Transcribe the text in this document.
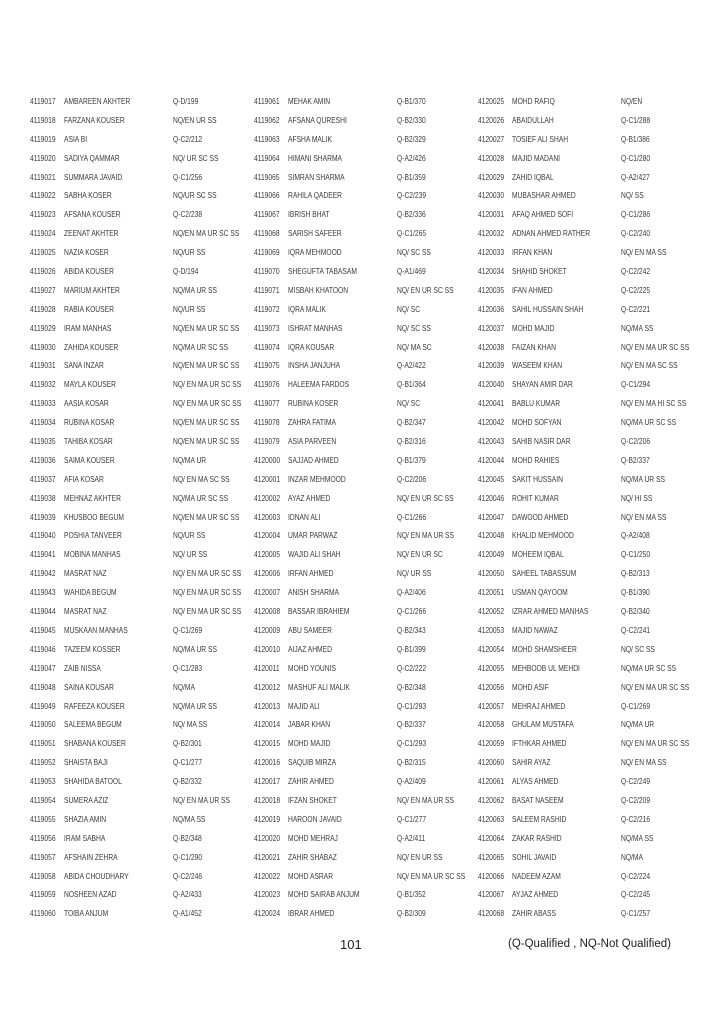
4119017 AMBAREEN AKHTER	Q-D/199
4119018 FARZANA KOUSER	NQ/EN UR SS
4119019 ASIA BI	Q-C2/212
4119020 SADIYA QAMMAR	NQ/ UR SC SS
4119021 SUMMARA JAVAID	Q-C1/256
4119022 SABHA KOSER	NQ/UR SC SS
4119023 AFSANA KOUSER	Q-C2/238
4119024 ZEENAT AKHTER	NQ/EN MA UR SC SS
4119025 NAZIA KOSER	NQ/UR SS
4119026 ABIDA KOUSER	Q-D/194
4119027 MARIUM AKHTER	NQ/MA UR SS
4119028 RABIA KOUSER	NQ/UR SS
4119029 IRAM MANHAS	NQ/EN MA UR SC SS
4119030 ZAHIDA KOUSER	NQ/MA UR SC SS
4119031 SANA INZAR	NQ/EN MA UR SC SS
4119032 MAYLA KOUSER	NQ/ EN MA UR SC SS
4119033 AASIA KOSAR	NQ/ EN MA UR SC SS
4119034 RUBINA KOSAR	NQ/EN MA UR SC SS
4119035 TAHIBA KOSAR	NQ/EN MA UR SC SS
4119036 SAIMA KOUSER	NQ/MA UR
4119037 AFIA KOSAR	NQ/ EN MA SC SS
4119038 MEHNAZ AKHTER	NQ/MA UR SC SS
4119039 KHUSBOO BEGUM	NQ/EN MA UR SC SS
4119040 POSHIA TANVEER	NQ/UR SS
4119041 MOBINA MANHAS	NQ/ UR SS
4119042 MASRAT NAZ	NQ/ EN MA UR SC SS
4119043 WAHIDA BEGUM	NQ/ EN MA UR SC SS
4119044 MASRAT NAZ	NQ/ EN MA UR SC SS
4119045 MUSKAAN MANHAS	Q-C1/269
4119046 TAZEEM KOSSER	NQ/MA UR SS
4119047 ZAIB NISSA	Q-C1/283
4119048 SAINA KOUSAR	NQ/MA
4119049 RAFEEZA KOUSER	NQ/MA UR SS
4119050 SALEEMA BEGUM	NQ/ MA SS
4119051 SHABANA KOUSER	Q-B2/301
4119052 SHAISTA BAJI	Q-C1/277
4119053 SHAHIDA BATOOL	Q-B2/332
4119054 SUMERA AZIZ	NQ/ EN MA UR SS
4119055 SHAZIA AMIN	NQ/MA SS
4119056 IRAM SABHA	Q-B2/348
4119057 AFSHAIN ZEHRA	Q-C1/290
4119058 ABIDA CHOUDHARY	Q-C2/246
4119059 NOSHEEN AZAD	Q-A2/433
4119060 TOIBA ANJUM	Q-A1/452
4119061 MEHAK AMIN	Q-B1/370
4119062 AFSANA QURESHI	Q-B2/330
4119063 AFSHA MALIK	Q-B2/329
4119064 HIMANI SHARMA	Q-A2/426
4119065 SIMRAN SHARMA	Q-B1/359
4119066 RAHILA QADEER	Q-C2/239
4119067 IBRISH BHAT	Q-B2/336
4119068 SARISH SAFEER	Q-C1/265
4119069 IQRA MEHMOOD	NQ/ SC SS
4119070 SHEGUFTA TABASAM	Q-A1/469
4119071 MISBAH KHATOON	NQ/ EN UR SC SS
4119072 IQRA MALIK	NQ/ SC
4119073 ISHRAT MANHAS	NQ/ SC SS
4119074 IQRA KOUSAR	NQ/ MA SC
4119075 INSHA JANJUHA	Q-A2/422
4119076 HALEEMA FARDOS	Q-B1/364
4119077 RUBINA KOSER	NQ/ SC
4119078 ZAHRA FATIMA	Q-B2/347
4119079 ASIA PARVEEN	Q-B2/316
4120000 SAJJAD AHMED	Q-B1/379
4120001 INZAR MEHMOOD	Q-C2/206
4120002 AYAZ AHMED	NQ/ EN UR SC SS
4120003 IDNAN ALI	Q-C1/266
4120004 UMAR PARWAZ	NQ/ EN MA UR SS
4120005 WAJID ALI SHAH	NQ/ EN UR SC
4120006 IRFAN AHMED	NQ/ UR SS
4120007 ANISH SHARMA	Q-A2/406
4120008 BASSAR IBRAHIEM	Q-C1/266
4120009 ABU SAMEER	Q-B2/343
4120010 AIJAZ AHMED	Q-B1/399
4120011 MOHD YOUNIS	Q-C2/222
4120012 MASHUF ALI MALIK	Q-B2/348
4120013 MAJID ALI	Q-C1/293
4120014 JABAR KHAN	Q-B2/337
4120015 MOHD MAJID	Q-C1/293
4120016 SAQUIB MIRZA	Q-B2/315
4120017 ZAHIR AHMED	Q-A2/409
4120018 IFZAN SHOKET	NQ/ EN MA UR SS
4120019 HAROON JAVAID	Q-C1/277
4120020 MOHD MEHRAJ	Q-A2/411
4120021 ZAHIR SHABAZ	NQ/ EN UR SS
4120022 MOHD ASRAR	NQ/ EN MA UR SC SS
4120023 MOHD SAIRAB ANJUM	Q-B1/352
4120024 IBRAR AHMED	Q-B2/309
4120025 MOHD RAFIQ	NQ/EN
4120026 ABAIDULLAH	Q-C1/288
4120027 TOSIEF ALI SHAH	Q-B1/386
4120028 MAJID MADANI	Q-C1/280
4120029 ZAHID IQBAL	Q-A2/427
4120030 MUBASHAR AHMED	NQ/ SS
4120031 AFAQ AHMED SOFI	Q-C1/286
4120032 ADNAN AHMED RATHER	Q-C2/240
4120033 IRFAN KHAN	NQ/ EN MA SS
4120034 SHAHID SHOKET	Q-C2/242
4120035 IFAN AHMED	Q-C2/225
4120036 SAHIL HUSSAIN SHAH	Q-C2/221
4120037 MOHD MAJID	NQ/MA SS
4120038 FAIZAN KHAN	NQ/ EN MA UR SC SS
4120039 WASEEM KHAN	NQ/ EN MA SC SS
4120040 SHAYAN AMIR DAR	Q-C1/294
4120041 BABLU KUMAR	NQ/ EN MA HI SC SS
4120042 MOHD SOFYAN	NQ/MA UR SC SS
4120043 SAHIB NASIR DAR	Q-C2/206
4120044 MOHD RAHIES	Q-B2/337
4120045 SAKIT HUSSAIN	NQ/MA UR SS
4120046 ROHIT KUMAR	NQ/ HI SS
4120047 DAWOOD AHMED	NQ/ EN MA SS
4120048 KHALID MEHMOOD	Q-A2/408
4120049 MOHEEM IQBAL	Q-C1/250
4120050 SAHEEL TABASSUM	Q-B2/313
4120051 USMAN QAYOOM	Q-B1/390
4120052 IZRAR AHMED MANHAS	Q-B2/340
4120053 MAJID NAWAZ	Q-C2/241
4120054 MOHD SHAMSHEER	NQ/ SC SS
4120055 MEHBOOB UL MEHDI	NQ/MA UR SC SS
4120056 MOHD ASIF	NQ/ EN MA UR SC SS
4120057 MEHRAJ AHMED	Q-C1/269
4120058 GHULAM MUSTAFA	NQ/MA UR
4120059 IFTHKAR AHMED	NQ/ EN MA UR SC SS
4120060 SAHIR AYAZ	NQ/ EN MA SS
4120061 ALYAS AHMED	Q-C2/249
4120062 BASAT NASEEM	Q-C2/209
4120063 SALEEM RASHID	Q-C2/216
4120064 ZAKAR RASHID	NQ/MA SS
4120065 SOHIL JAVAID	NQ/MA
4120066 NADEEM AZAM	Q-C2/224
4120067 AYJAZ AHMED	Q-C2/245
4120068 ZAHIR ABASS	Q-C1/257
101	(Q-Qualified , NQ-Not Qualified)
